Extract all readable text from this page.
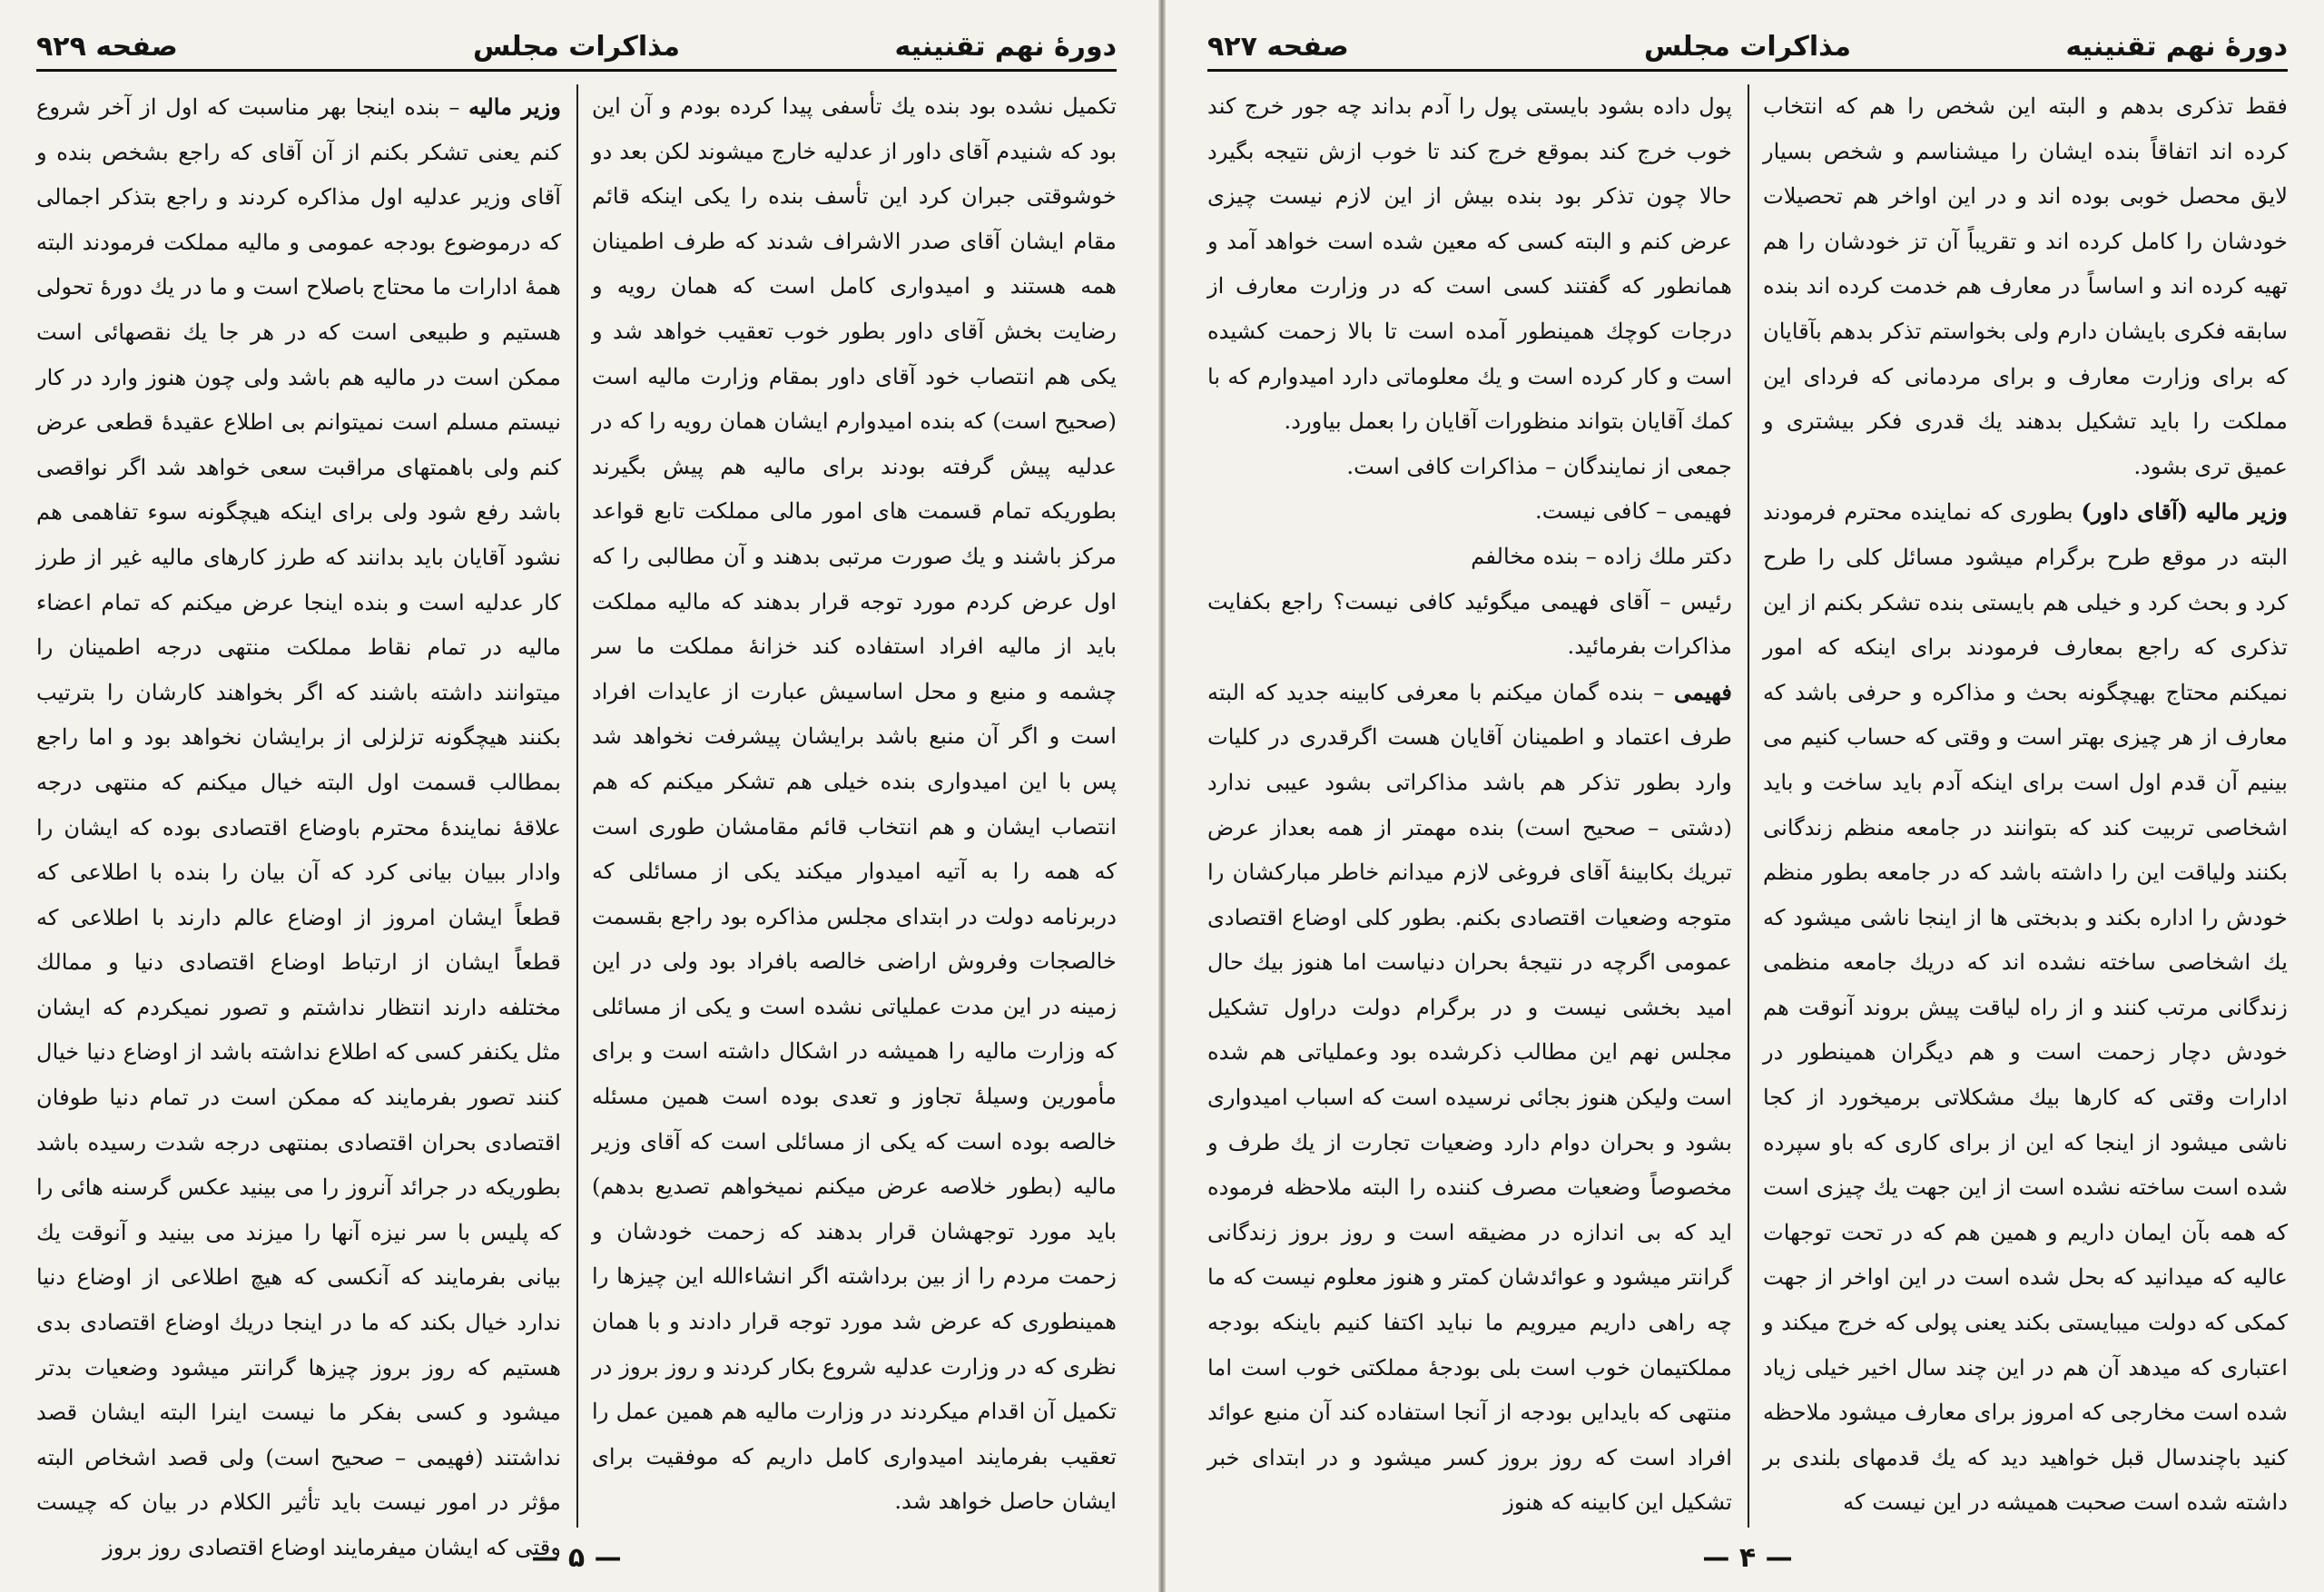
دورهٔ نهم تقنینیه
مذاکرات مجلس
صفحه ۹۲۹

تکمیل نشده بود بنده یك تأسفی پیدا کرده بودم و آن این بود که شنیدم آقای داور از عدلیه خارج میشوند لکن بعد دو خوشوقتی جبران کرد این تأسف بنده را یکی اینکه قائم مقام ایشان آقای صدر الاشراف شدند که طرف اطمینان همه هستند و امیدواری کامل است که همان رویه و رضایت بخش آقای داور بطور خوب تعقیب خواهد شد و یکی هم انتصاب خود آقای داور بمقام وزارت مالیه است (صحیح است) که بنده امیدوارم ایشان همان رویه را که در عدلیه پیش گرفته بودند برای مالیه هم پیش بگیرند بطوریکه تمام قسمت های امور مالی مملکت تابع قواعد مرکز باشند و یك صورت مرتبی بدهند و آن مطالبی را که اول عرض کردم مورد توجه قرار بدهند که مالیه مملکت باید از مالیه افراد استفاده کند خزانهٔ مملکت ما سر چشمه و منبع و محل اساسیش عبارت از عایدات افراد است و اگر آن منبع باشد برایشان پیشرفت نخواهد شد پس با این امیدواری بنده خیلی هم تشکر میکنم که هم انتصاب ایشان و هم انتخاب قائم مقامشان طوری است که همه را به آتیه امیدوار میکند یکی از مسائلی که دربرنامه دولت در ابتدای مجلس مذاکره بود راجع بقسمت خالصجات وفروش اراضی خالصه بافراد بود ولی در این زمینه در این مدت عملیاتی نشده است و یکی از مسائلی که وزارت مالیه را همیشه در اشکال داشته است و برای مأمورین وسیلهٔ تجاوز و تعدی بوده است همین مسئله خالصه بوده است که یکی از مسائلی است که آقای وزیر مالیه (بطور خلاصه عرض میکنم نمیخواهم تصدیع بدهم) باید مورد توجهشان قرار بدهند که زحمت خودشان و زحمت مردم را از بین برداشته اگر انشاءالله این چیزها را همینطوری که عرض شد مورد توجه قرار دادند و با همان نظری که در وزارت عدلیه شروع بکار کردند و روز بروز در تکمیل آن اقدام میکردند در وزارت مالیه هم همین عمل را تعقیب بفرمایند امیدواری کامل داریم که موفقیت برای ایشان حاصل خواهد شد.

وزیر مالیه – بنده اینجا بهر مناسبت که اول از آخر شروع کنم یعنی تشکر بکنم از آن آقای که راجع بشخص بنده و آقای وزیر عدلیه اول مذاکره کردند و راجع بتذکر اجمالی که درموضوع بودجه عمومی و مالیه مملکت فرمودند البته همهٔ ادارات ما محتاج باصلاح است و ما در یك دورهٔ تحولی هستیم و طبیعی است که در هر جا یك نقصهائی است ممکن است در مالیه هم باشد ولی چون هنوز وارد در کار نیستم مسلم است نمیتوانم بی اطلاع عقیدهٔ قطعی عرض کنم ولی باهمتهای مراقبت سعی خواهد شد اگر نواقصی باشد رفع شود ولی برای اینکه هیچگونه سوء تفاهمی هم نشود آقایان باید بدانند که طرز کارهای مالیه غیر از طرز کار عدلیه است و بنده اینجا عرض میکنم که تمام اعضاء مالیه در تمام نقاط مملکت منتهی درجه اطمینان را میتوانند داشته باشند که اگر بخواهند کارشان را بترتیب بکنند هیچگونه تزلزلی از برایشان نخواهد بود و اما راجع بمطالب قسمت اول البته خیال میکنم که منتهی درجه علاقهٔ نمایندهٔ محترم باوضاع اقتصادی بوده که ایشان را وادار ببیان بیانی کرد که آن بیان را بنده با اطلاعی که قطعاً ایشان امروز از اوضاع عالم دارند با اطلاعی که قطعاً ایشان از ارتباط اوضاع اقتصادی دنیا و ممالك مختلفه دارند انتظار نداشتم و تصور نمیکردم که ایشان مثل یکنفر کسی که اطلاع نداشته باشد از اوضاع دنیا خیال کنند تصور بفرمایند که ممکن است در تمام دنیا طوفان اقتصادی بحران اقتصادی بمنتهی درجه شدت رسیده باشد بطوریکه در جرائد آنروز را می بینید عکس گرسنه هائی را که پلیس با سر نیزه آنها را میزند می بینید و آنوقت یك بیانی بفرمایند که آنکسی که هیچ اطلاعی از اوضاع دنیا ندارد خیال بکند که ما در اینجا دریك اوضاع اقتصادی بدی هستیم که روز بروز چیزها گرانتر میشود وضعیات بدتر میشود و کسی بفکر ما نیست اینرا البته ایشان قصد نداشتند (فهیمی – صحیح است) ولی قصد اشخاص البته مؤثر در امور نیست باید تأثیر الکلام در بیان که چیست وقتی که ایشان میفرمایند اوضاع اقتصادی روز بروز

— ۵ —
دورهٔ نهم تقنینیه
مذاکرات مجلس
صفحه ۹۲۷

فقط تذکری بدهم و البته این شخص را هم که انتخاب کرده اند اتفاقاً بنده ایشان را میشناسم و شخص بسیار لایق محصل خوبی بوده اند و در این اواخر هم تحصیلات خودشان را کامل کرده اند و تقریباً آن تز خودشان را هم تهیه کرده اند و اساساً در معارف هم خدمت کرده اند بنده سابقه فکری بایشان دارم ولی بخواستم تذکر بدهم بآقایان که برای وزارت معارف و برای مردمانی که فردای این مملکت را باید تشکیل بدهند یك قدری فکر بیشتری و عمیق تری بشود.

وزیر مالیه (آقای داور) بطوری که نماینده محترم فرمودند البته در موقع طرح برگرام میشود مسائل کلی را طرح کرد و بحث کرد و خیلی هم بایستی بنده تشکر بکنم از این تذکری که راجع بمعارف فرمودند برای اینکه که امور نمیکنم محتاج بهیچگونه بحث و مذاکره و حرفی باشد که معارف از هر چیزی بهتر است و وقتی که حساب کنیم می بینیم آن قدم اول است برای اینکه آدم باید ساخت و باید اشخاصی تربیت کند که بتوانند در جامعه منظم زندگانی بکنند ولیاقت این را داشته باشد که در جامعه بطور منظم خودش را اداره بکند و بدبختی ها از اینجا ناشی میشود که یك اشخاصی ساخته نشده اند که دریك جامعه منظمی زندگانی مرتب کنند و از راه لیاقت پیش بروند آنوقت هم خودش دچار زحمت است و هم دیگران همینطور در ادارات وقتی که کارها بیك مشکلاتی برمیخورد از کجا ناشی میشود از اینجا که این از برای کاری که باو سپرده شده است ساخته نشده است از این جهت یك چیزی است که همه بآن ایمان داریم و همین هم که در تحت توجهات عالیه که میدانید که بحل شده است در این اواخر از جهت کمکی که دولت میبایستی بکند یعنی پولی که خرج میکند و اعتباری که میدهد آن هم در این چند سال اخیر خیلی زیاد شده است مخارجی که امروز برای معارف میشود ملاحظه کنید باچندسال قبل خواهید دید که یك قدمهای بلندی بر داشته شده است صحبت همیشه در این نیست که

پول داده بشود بایستی پول را آدم بداند چه جور خرج کند خوب خرج کند بموقع خرج کند تا خوب ازش نتیجه بگیرد حالا چون تذکر بود بنده بیش از این لازم نیست چیزی عرض کنم و البته کسی که معین شده است خواهد آمد و همانطور که گفتند کسی است که در وزارت معارف از درجات کوچك همینطور آمده است تا بالا زحمت کشیده است و کار کرده است و یك معلوماتی دارد امیدوارم که با کمك آقایان بتواند منظورات آقایان را بعمل بیاورد.

جمعی از نمایندگان – مذاکرات کافی است.
فهیمی – کافی نیست.
دکتر ملك زاده – بنده مخالفم

رئیس – آقای فهیمی میگوئید کافی نیست؟ راجع بکفایت مذاکرات بفرمائید.

فهیمی – بنده گمان میکنم با معرفی کابینه جدید که البته طرف اعتماد و اطمینان آقایان هست اگرقدری در کلیات وارد بطور تذکر هم باشد مذاکراتی بشود عیبی ندارد (دشتی – صحیح است) بنده مهمتر از همه بعداز عرض تبریك بکابینهٔ آقای فروغی لازم میدانم خاطر مبارکشان را متوجه وضعیات اقتصادی بکنم. بطور کلی اوضاع اقتصادی عمومی اگرچه در نتیجهٔ بحران دنیاست اما هنوز بیك حال امید بخشی نیست و در برگرام دولت دراول تشکیل مجلس نهم این مطالب ذکرشده بود وعملیاتی هم شده است ولیکن هنوز بجائی نرسیده است که اسباب امیدواری بشود و بحران دوام دارد وضعیات تجارت از یك طرف و مخصوصاً وضعیات مصرف کننده را البته ملاحظه فرموده اید که بی اندازه در مضیقه است و روز بروز زندگانی گرانتر میشود و عوائدشان کمتر و هنوز معلوم نیست که ما چه راهی داریم میرویم ما نباید اکتفا کنیم باینکه بودجه مملکتیمان خوب است بلی بودجهٔ مملکتی خوب است اما منتهی که بایدایں بودجه از آنجا استفاده کند آن منبع عوائد افراد است که روز بروز کسر میشود و در ابتدای خبر تشکیل این کابینه که هنوز

— ۴ —
